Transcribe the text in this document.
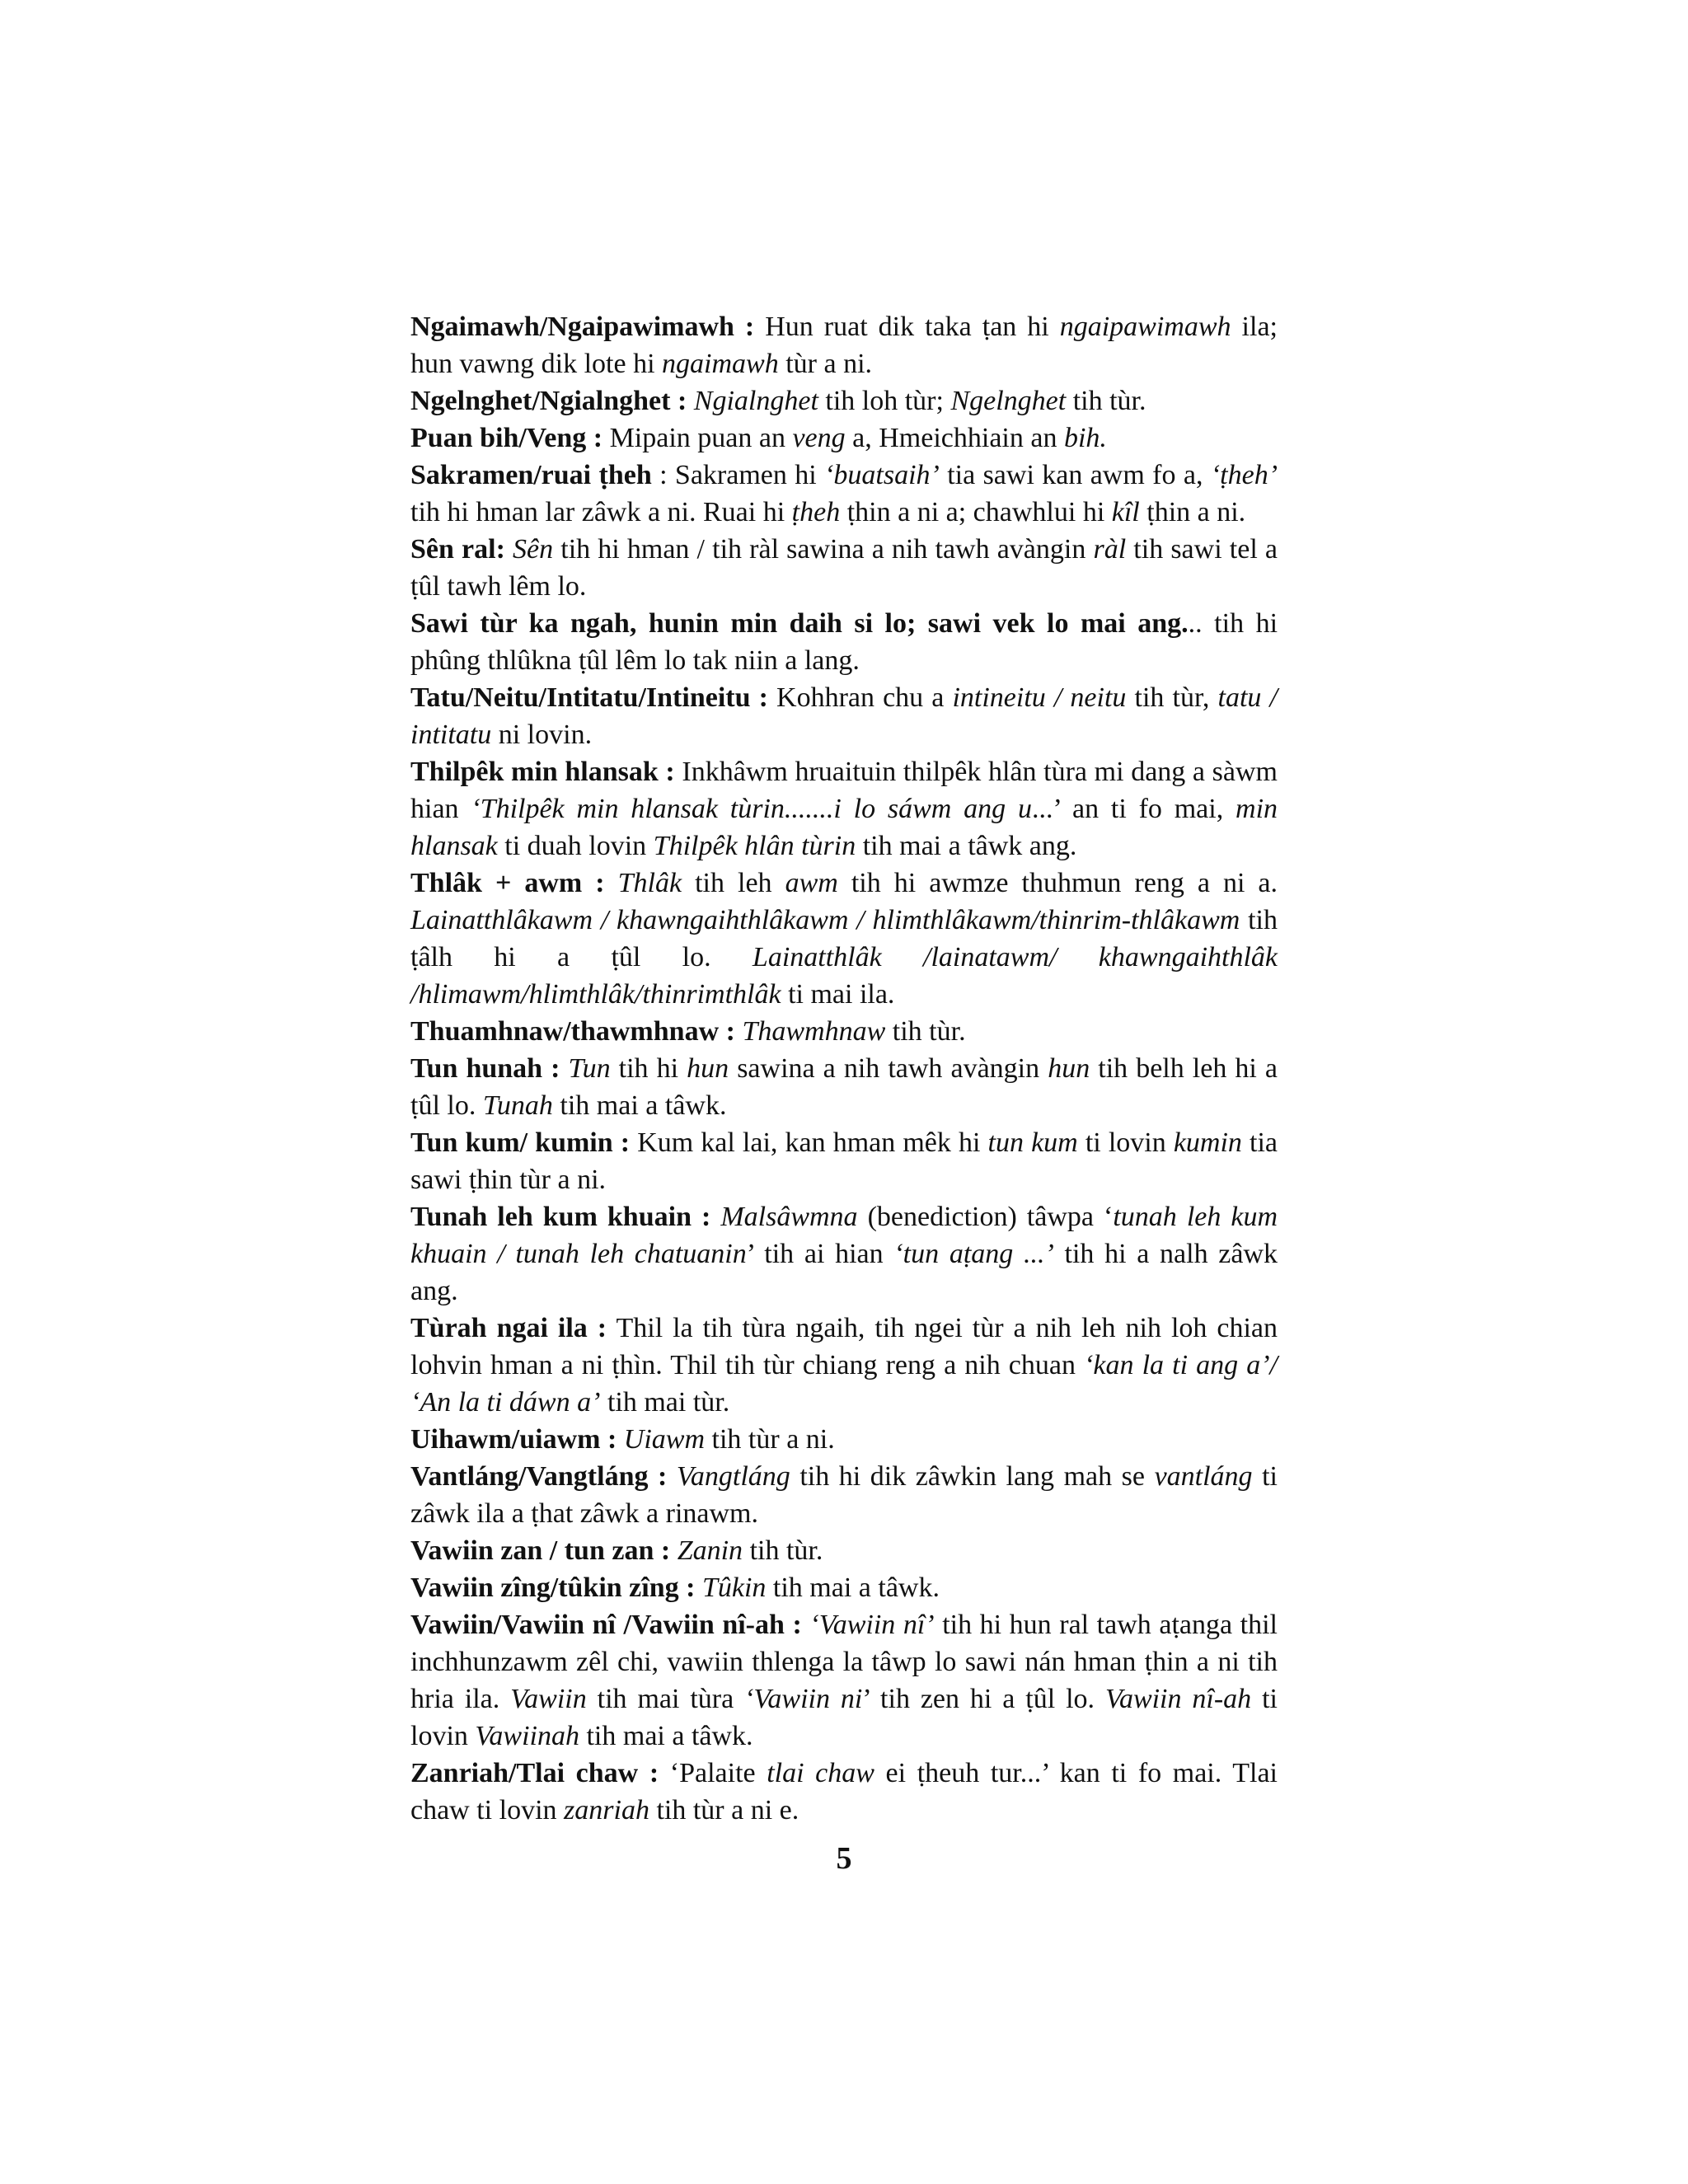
Ngaimawh/Ngaipawimawh : Hun ruat dik taka ṭan hi ngaipawimawh ila; hun vawng dik lote hi ngaimawh tùr a ni.

Ngelnghet/Ngialnghet : Ngialnghet tih loh tùr; Ngelnghet tih tùr.

Puan bih/Veng : Mipain puan an veng a, Hmeichhiain an bih.

Sakramen/ruai ṭheh : Sakramen hi ‘buatsaih’ tia sawi kan awm fo a, ‘ṭheh’ tih hi hman lar zâwk a ni. Ruai hi ṭheh ṭhin a ni a; chawhlui hi kîl ṭhin a ni.

Sên ral: Sên tih hi hman / tih ràl sawina a nih tawh avàngin ràl tih sawi tel a ṭûl tawh lêm lo.

Sawi tùr ka ngah, hunin min daih si lo; sawi vek lo mai ang... tih hi phûng thlûkna ṭûl lêm lo tak niin a lang.

Tatu/Neitu/Intitatu/Intineitu : Kohhran chu a intineitu / neitu tih tùr, tatu / intitatu ni lovin.

Thilpêk min hlansak : Inkhâwm hruaituin thilpêk hlân tùra mi dang a sàwm hian ‘Thilpêk min hlansak tùrin.......i lo sáwm ang u...’ an ti fo mai, min hlansak ti duah lovin Thilpêk hlân tùrin tih mai a tâwk ang.

Thlâk + awm : Thlâk tih leh awm tih hi awmze thuhmun reng a ni a. Lainatthlâkawm / khawngaihthlâkawm / hlimthlâkawm/thinrim-thlâkawm tih ṭâlh hi a ṭûl lo. Lainatthlâk /lainatawm/ khawngaihthlâk /hlimawm/hlimthlâk/thinrimthlâk ti mai ila.

Thuamhnaw/thawmhnaw : Thawmhnaw tih tùr.

Tun hunah : Tun tih hi hun sawina a nih tawh avàngin hun tih belh leh hi a ṭûl lo. Tunah tih mai a tâwk.

Tun kum/ kumin : Kum kal lai, kan hman mêk hi tun kum ti lovin kumin tia sawi ṭhin tùr a ni.

Tunah leh kum khuain : Malsâwmna (benediction) tâwpa ‘tunah leh kum khuain / tunah leh chatuanin’ tih ai hian ‘tun aṭang ...’ tih hi a nalh zâwk ang.

Tùrah ngai ila : Thil la tih tùra ngaih, tih ngei tùr a nih leh nih loh chian lohvin hman a ni ṭhìn. Thil tih tùr chiang reng a nih chuan ‘kan la ti ang a’/ ‘An la ti dáwn a’ tih mai tùr.

Uihawm/uiawm : Uiawm tih tùr a ni.

Vantláng/Vangtláng : Vangtláng tih hi dik zâwkin lang mah se vantláng ti zâwk ila a ṭhat zâwk a rinawm.

Vawiin zan / tun zan : Zanin tih tùr.

Vawiin zîng/tûkin zîng : Tûkin tih mai a tâwk.

Vawiin/Vawiin nî /Vawiin nî-ah : ‘Vawiin nî’ tih hi hun ral tawh aṭanga thil inchhunzawm zêl chi, vawiin thlenga la tâwp lo sawi nán hman ṭhin a ni tih hria ila. Vawiin tih mai tùra ‘Vawiin ni’ tih zen hi a ṭûl lo. Vawiin nî-ah ti lovin Vawiinah tih mai a tâwk.

Zanriah/Tlai chaw : ‘Palaite tlai chaw ei ṭheuh tur...’ kan ti fo mai. Tlai chaw ti lovin zanriah tih tùr a ni e.

5
